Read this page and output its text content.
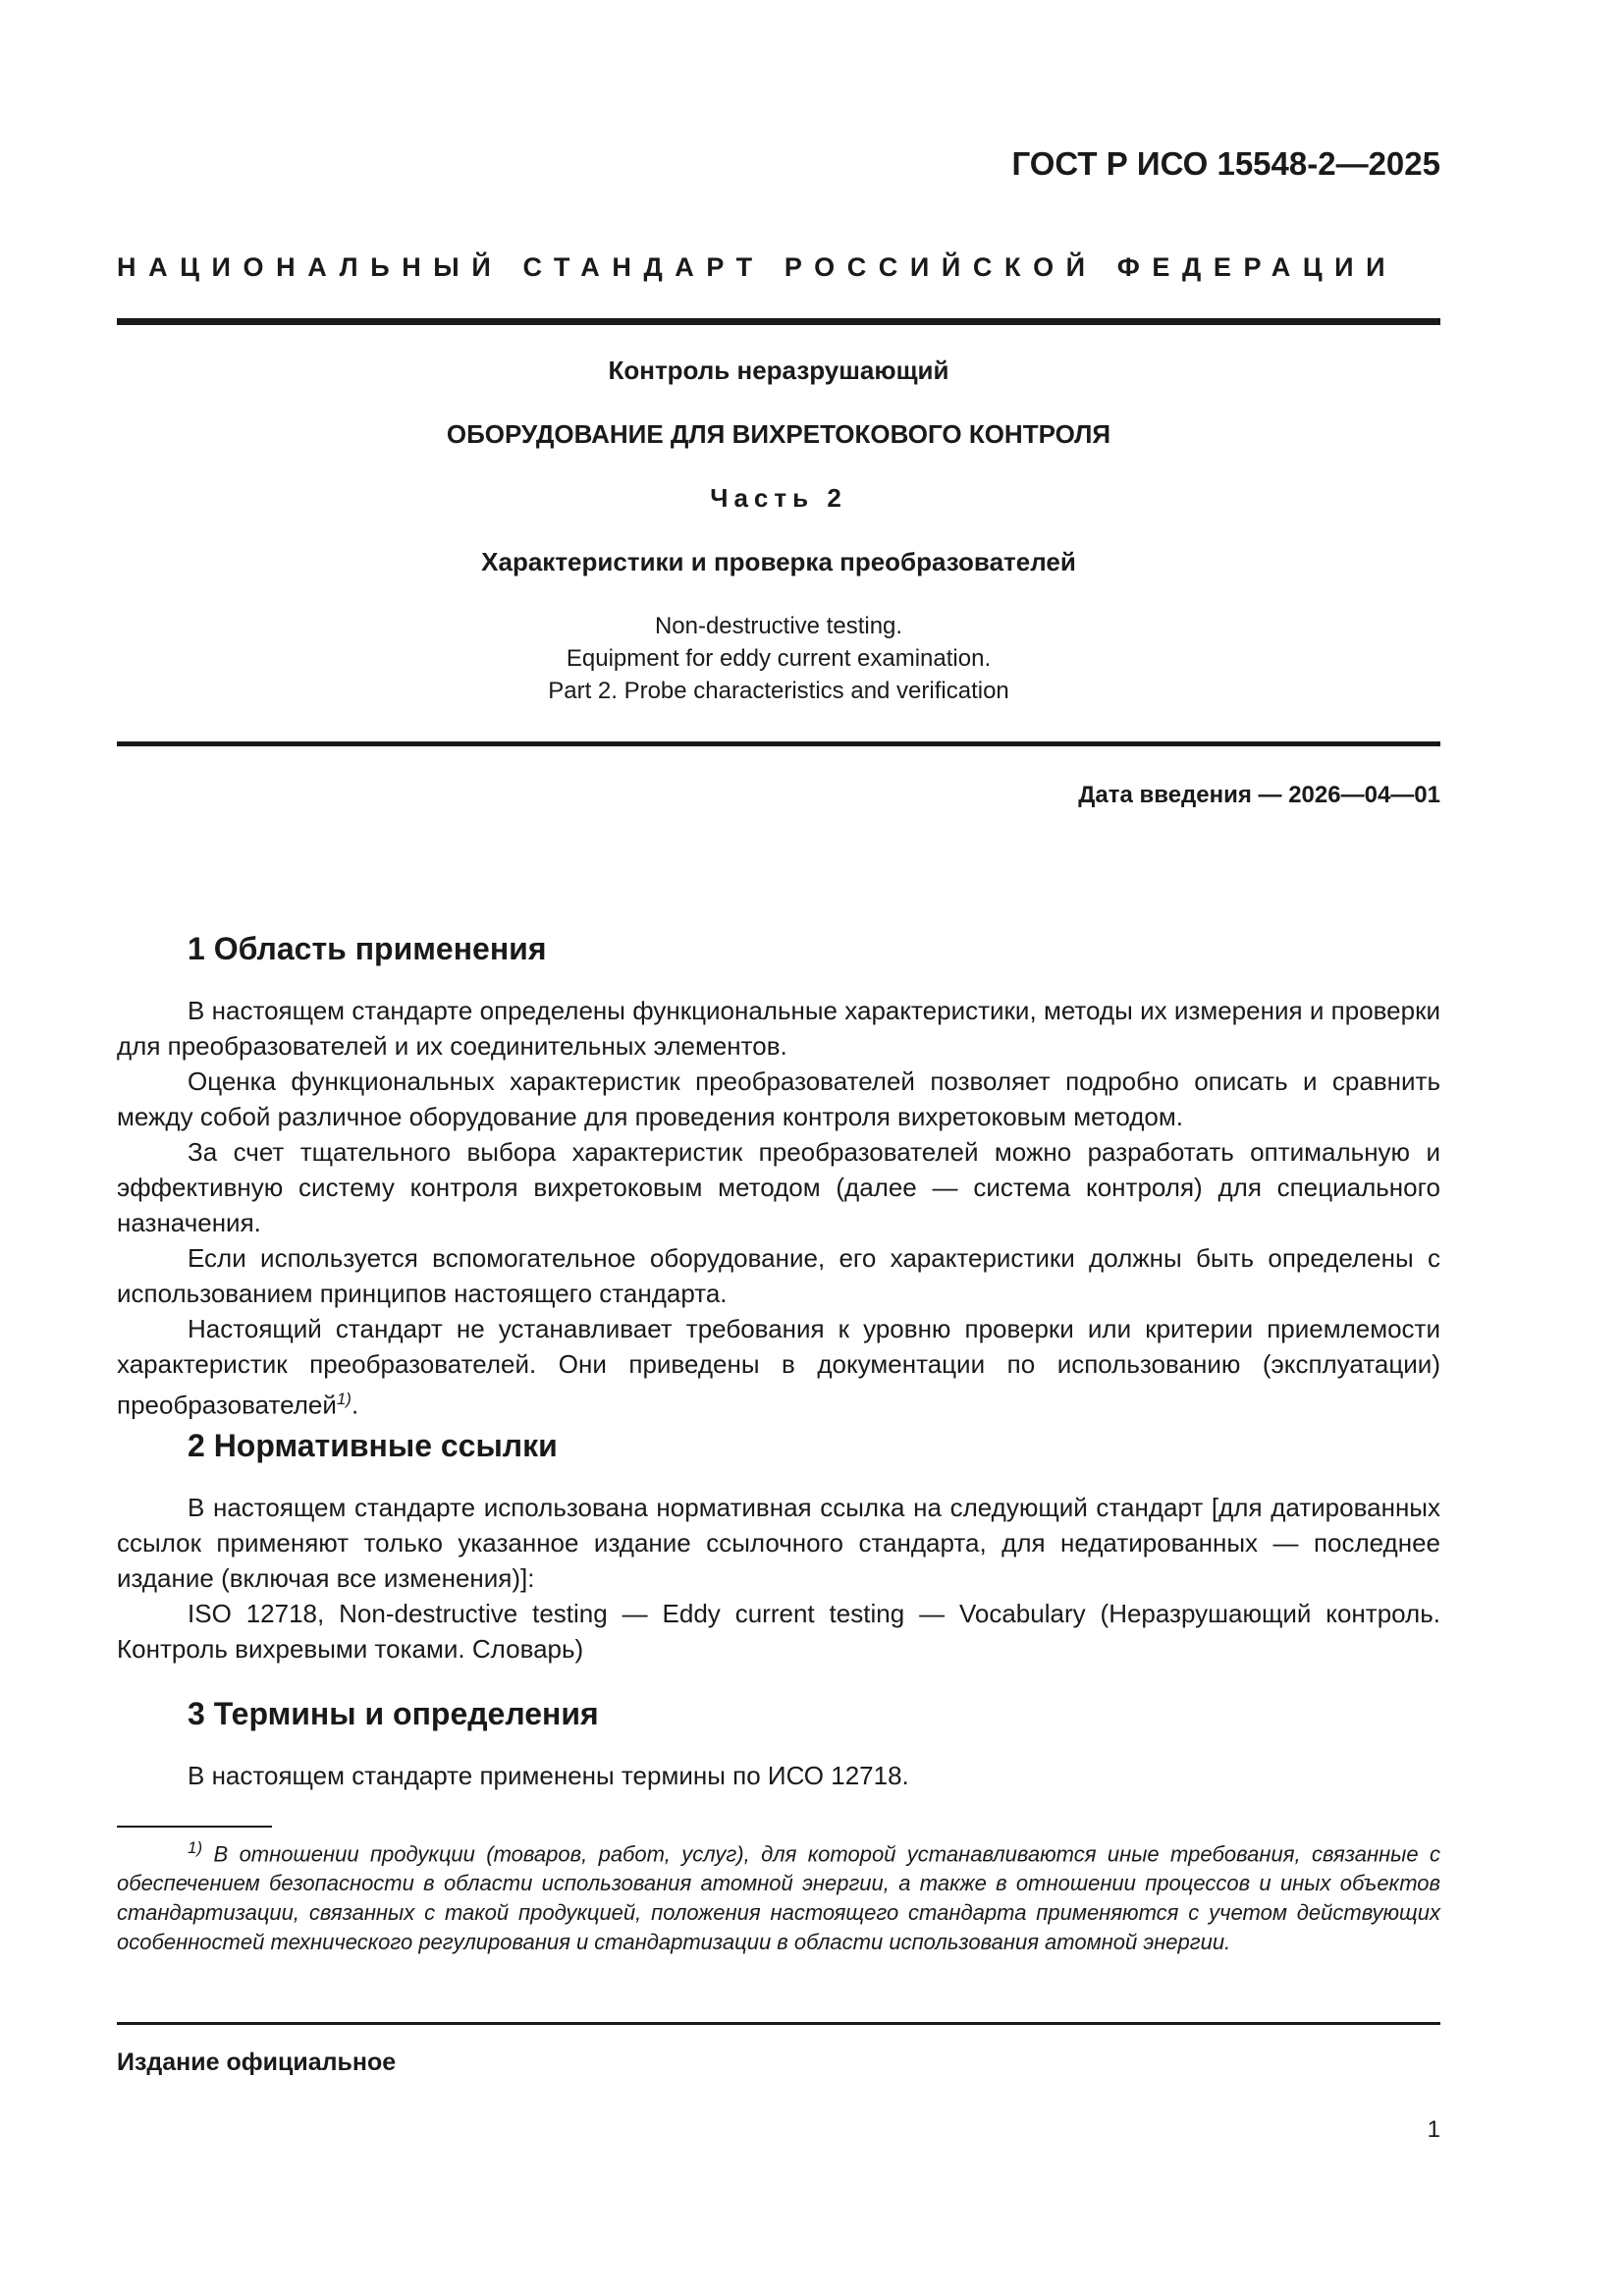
ГОСТ Р ИСО 15548-2—2025

НАЦИОНАЛЬНЫЙ СТАНДАРТ РОССИЙСКОЙ ФЕДЕРАЦИИ

Контроль неразрушающий

ОБОРУДОВАНИЕ ДЛЯ ВИХРЕТОКОВОГО КОНТРОЛЯ

Часть 2

Характеристики и проверка преобразователей

Non-destructive testing.
Equipment for eddy current examination.
Part 2. Probe characteristics and verification

Дата введения — 2026—04—01

1 Область применения

В настоящем стандарте определены функциональные характеристики, методы их измерения и проверки для преобразователей и их соединительных элементов.

Оценка функциональных характеристик преобразователей позволяет подробно описать и сравнить между собой различное оборудование для проведения контроля вихретоковым методом.

За счет тщательного выбора характеристик преобразователей можно разработать оптимальную и эффективную систему контроля вихретоковым методом (далее — система контроля) для специального назначения.

Если используется вспомогательное оборудование, его характеристики должны быть определены с использованием принципов настоящего стандарта.

Настоящий стандарт не устанавливает требования к уровню проверки или критерии приемлемости характеристик преобразователей. Они приведены в документации по использованию (эксплуатации) преобразователей$^{1)}$.

2 Нормативные ссылки

В настоящем стандарте использована нормативная ссылка на следующий стандарт [для датированных ссылок применяют только указанное издание ссылочного стандарта, для недатированных — последнее издание (включая все изменения)]:

ISO 12718, Non-destructive testing — Eddy current testing — Vocabulary (Неразрушающий контроль. Контроль вихревыми токами. Словарь)

3 Термины и определения

В настоящем стандарте применены термины по ИСО 12718.

$^{1)}$ В отношении продукции (товаров, работ, услуг), для которой устанавливаются иные требования, связанные с обеспечением безопасности в области использования атомной энергии, а также в отношении процессов и иных объектов стандартизации, связанных с такой продукцией, положения настоящего стандарта применяются с учетом действующих особенностей технического регулирования и стандартизации в области использования атомной энергии.

Издание официальное

1
